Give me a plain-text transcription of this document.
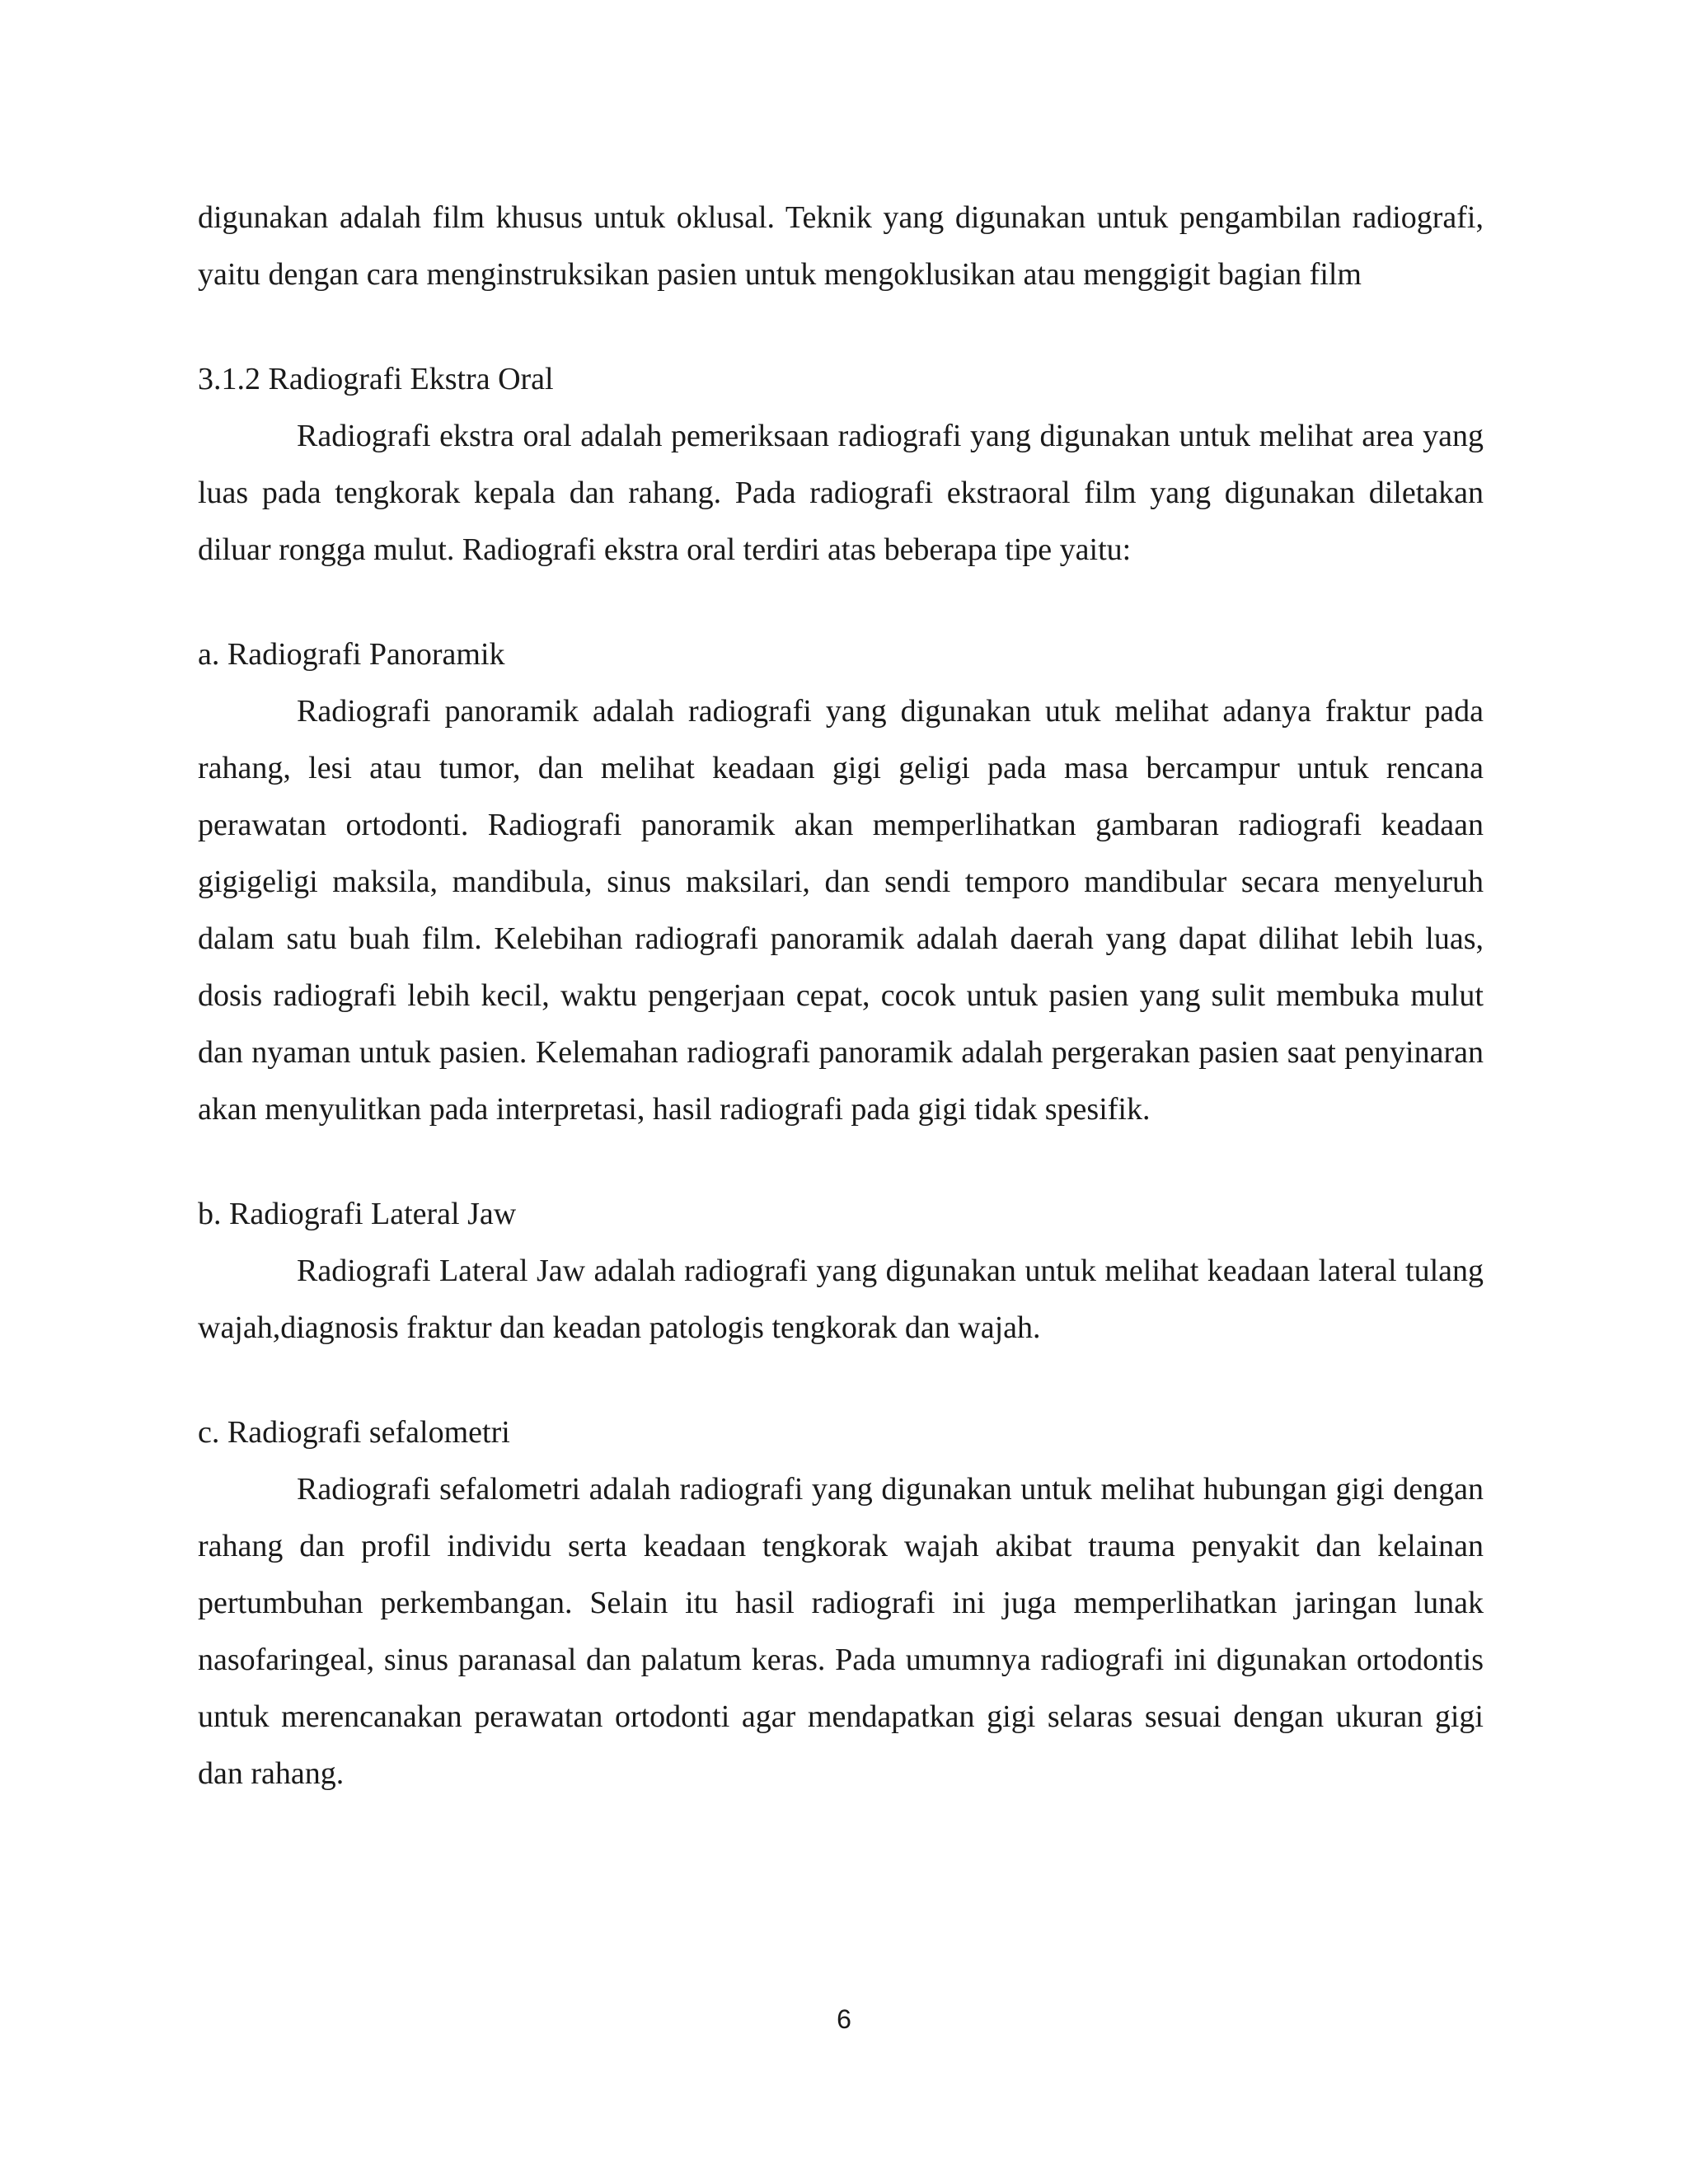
digunakan adalah film khusus untuk oklusal. Teknik yang digunakan untuk pengambilan radiografi, yaitu dengan cara menginstruksikan pasien untuk mengoklusikan atau menggigit bagian film

3.1.2 Radiografi Ekstra Oral

Radiografi ekstra oral adalah pemeriksaan radiografi yang digunakan untuk melihat area yang luas pada tengkorak kepala dan rahang. Pada radiografi ekstraoral film yang digunakan diletakan diluar rongga mulut. Radiografi ekstra oral terdiri atas beberapa tipe yaitu:

a. Radiografi Panoramik

Radiografi panoramik adalah radiografi yang digunakan utuk melihat adanya fraktur pada rahang, lesi atau tumor, dan melihat keadaan gigi geligi pada masa bercampur untuk rencana perawatan ortodonti. Radiografi panoramik akan memperlihatkan gambaran radiografi keadaan gigigeligi maksila, mandibula, sinus maksilari, dan sendi temporo mandibular secara menyeluruh dalam satu buah film. Kelebihan radiografi panoramik adalah daerah yang dapat dilihat lebih luas, dosis radiografi lebih kecil, waktu pengerjaan cepat, cocok untuk pasien yang sulit membuka mulut dan nyaman untuk pasien. Kelemahan radiografi panoramik adalah pergerakan pasien saat penyinaran akan menyulitkan pada interpretasi, hasil radiografi pada gigi tidak spesifik.

b. Radiografi Lateral Jaw

Radiografi Lateral Jaw adalah radiografi yang digunakan untuk melihat keadaan lateral tulang wajah,diagnosis fraktur dan keadan patologis tengkorak dan wajah.

c. Radiografi sefalometri

Radiografi sefalometri adalah radiografi yang digunakan untuk melihat hubungan gigi dengan rahang dan profil individu serta keadaan tengkorak wajah akibat trauma penyakit dan kelainan pertumbuhan perkembangan. Selain itu hasil radiografi ini juga memperlihatkan jaringan lunak nasofaringeal, sinus paranasal dan palatum keras. Pada umumnya radiografi ini digunakan ortodontis untuk merencanakan perawatan ortodonti agar mendapatkan gigi selaras sesuai dengan ukuran gigi dan rahang.

6
